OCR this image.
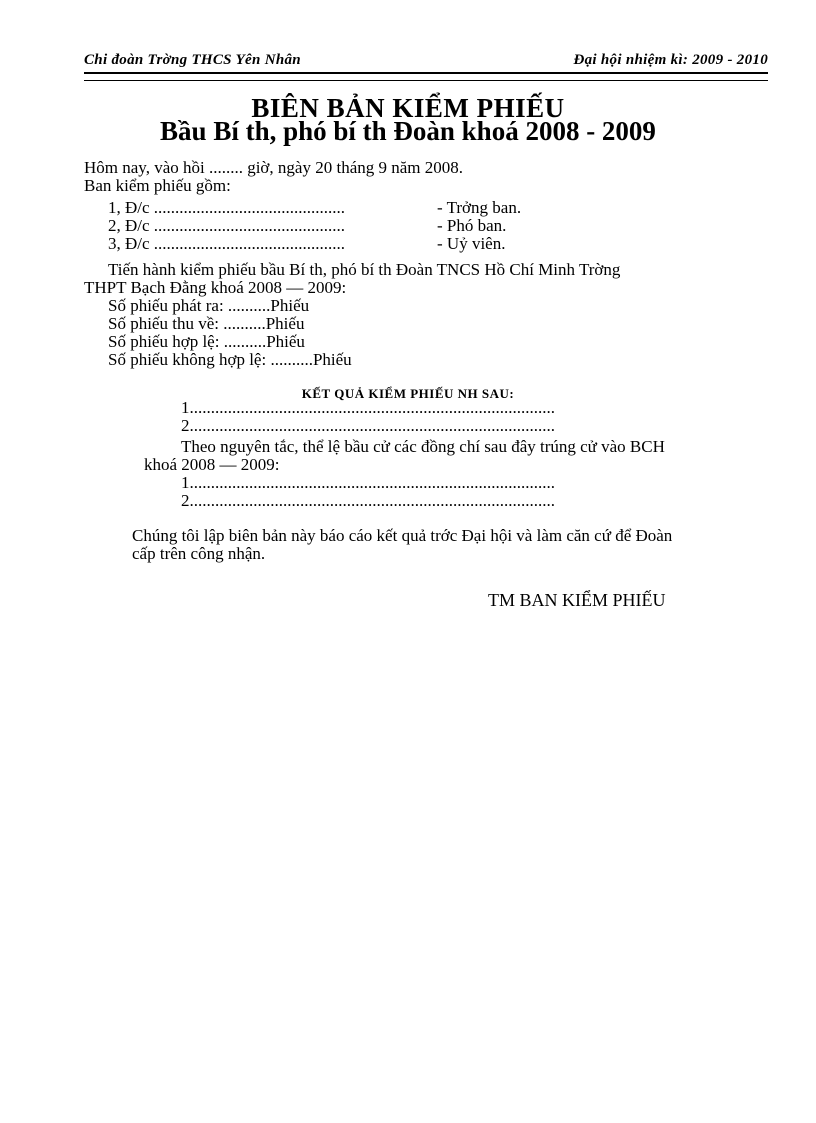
Chi đoàn Trờng THCS Yên Nhân	Đại hội nhiệm kì: 2009 - 2010
BIÊN BẢN KIỂM PHIẾU
Bầu Bí th, phó bí th Đoàn khoá 2008 - 2009
Hôm nay, vào hồi ........ giờ, ngày 20 tháng 9 năm 2008.
Ban kiểm phiếu gồm:
1, Đ/c .............................................	- Trởng ban.
2, Đ/c .............................................	- Phó ban.
3, Đ/c .............................................	- Uỷ viên.
Tiến hành kiểm phiếu bầu Bí th, phó bí th Đoàn TNCS Hồ Chí Minh Trờng
THPT Bạch Đằng khoá 2008 — 2009:
Số phiếu phát ra: ..........Phiếu
Số phiếu thu về: ..........Phiếu
Số phiếu hợp lệ: ..........Phiếu
Số phiếu không hợp lệ: ..........Phiếu
KẾT QUẢ KIỂM PHIẾU NH SAU:
1......................................................................................
2......................................................................................
Theo nguyên tắc, thể lệ bầu cử các đồng chí sau đây trúng cử vào BCH
khoá 2008 — 2009:
1......................................................................................
2......................................................................................
Chúng tôi lập biên bản này báo cáo kết quả trớc Đại hội và làm căn cứ để Đoàn
cấp trên công nhận.
TM BAN KIỂM PHIẾU
